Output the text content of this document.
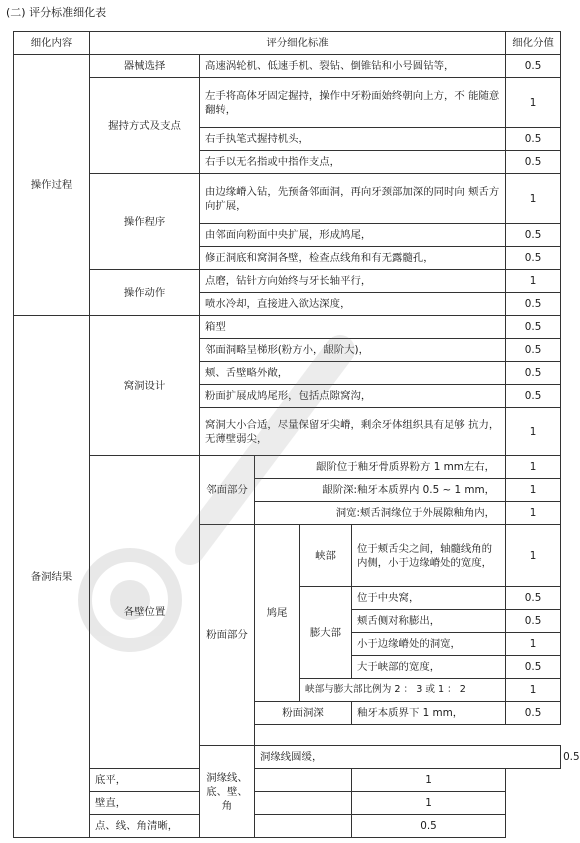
(二) 评分标准细化表
细化内容	评分细化标准					细化分值	
操作过程	器械选择	高速涡轮机、低速手机、裂钻、倒锥钻和小号圆钻等，				0.5	
	握持方式及支点	左手将高体牙固定握持，操作中牙粉面始终朝向上方，不 能随意翻转，				1	
		右手执笔式握持机头，				0.5	
		右手以无名指或中指作支点，				0.5	
	操作程序	由边缘嵴入钻，先预备邻面洞，再向牙颈部加深的同时向 颊舌方向扩展，				1	
		由邻面向粉面中央扩展，形成鸠尾，				0.5	
		修正洞底和窝洞各壁，检查点线角和有无露髓孔，				0.5	
	操作动作	点磨，钻针方向始终与牙长轴平行，				1	
		喷水冷却，直接进入欲达深度，				0.5	
备洞结果	窝洞设计	箱型				0.5	
		邻面洞略呈梯形(粉方小，龈阶大)，				0.5	
		颊、舌壁略外敞，				0.5	
		粉面扩展成鸠尾形，包括点隙窝沟，				0.5	
		窝洞大小合适，尽量保留牙尖嵴，剩余牙体组织具有足够 抗力，无薄壁弱尖，				1	
	各壁位置	邻面部分	龈阶位于釉牙骨质界粉方 1 mm左右，			1	
			龈阶深:釉牙本质界内 0.5 ~ 1 mm，			1	
			洞宽:颊舌洞缘位于外展隙釉角内，			1	
		粉面部分	鸠尾	峡部	位于颊舌尖之间，轴髓线角的 内侧，小于边缘嵴处的宽度，	1	
				膨大部	位于中央窝，	0.5	
					颊舌侧对称膨出，	0.5	
					小于边缘嵴处的洞宽，	1	
					大于峡部的宽度，	0.5	
				峡部与膨大部比例为 2 ： 3 或 1 ： 2		1	
			粉面洞深		釉牙本质界下 1 mm，	0.5	

		洞缘线、底、壁、角	洞缘线圆缓，				0.5
	底平，				1		
	壁直，				1		
	点、线、角清晰，				0.5		
